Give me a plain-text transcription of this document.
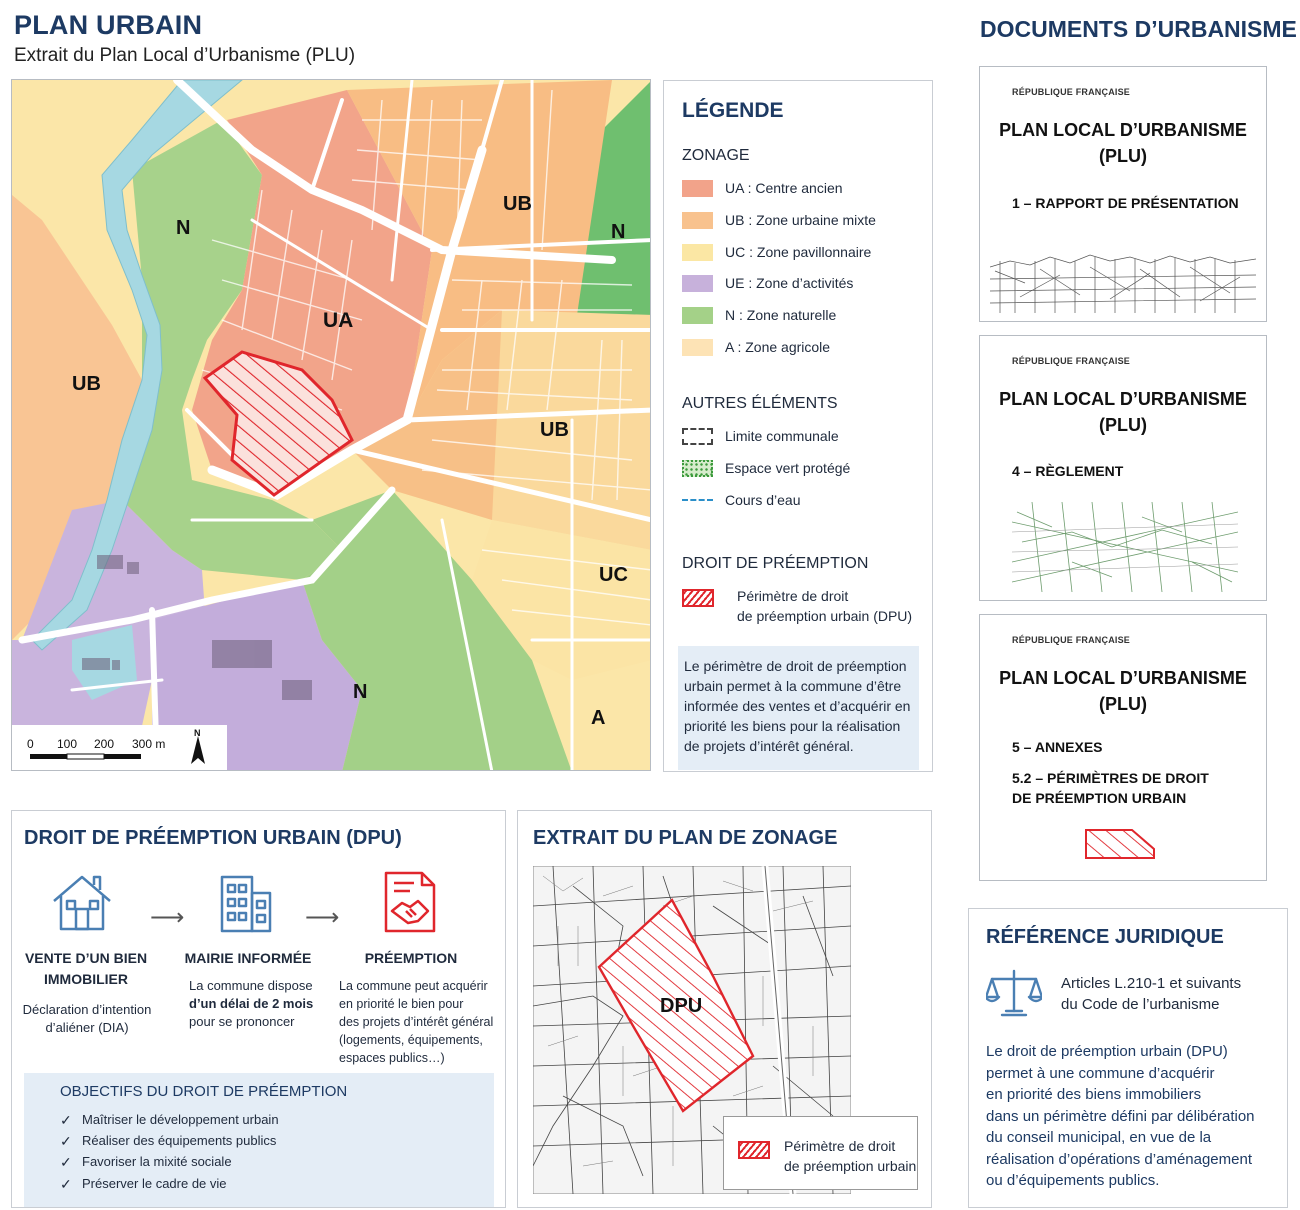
PLAN URBAIN
Extrait du Plan Local d’Urbanisme (PLU)
UB
N
UA
UB
N
UB
UC
N
A
0 100 200 300 m
N
LÉGENDE
ZONAGE
UA : Centre ancien
UB : Zone urbaine mixte
UC : Zone pavillonnaire
UE : Zone d’activités
N : Zone naturelle
A : Zone agricole
AUTRES ÉLÉMENTS
Limite communale
Espace vert protégé
Cours d’eau
DROIT DE PRÉEMPTION
Périmètre de droit
de préemption urbain (DPU)
Le périmètre de droit de préemption urbain permet à la commune d’être informée des ventes et d’acquérir en priorité les biens pour la réalisation de projets d’intérêt général.
DOCUMENTS D’URBANISME
RÉPUBLIQUE FRANÇAISE
PLAN LOCAL D’URBANISME
(PLU)
1 – RAPPORT DE PRÉSENTATION
RÉPUBLIQUE FRANÇAISE
PLAN LOCAL D’URBANISME
(PLU)
4 – RÈGLEMENT
RÉPUBLIQUE FRANÇAISE
PLAN LOCAL D’URBANISME
(PLU)
5 – ANNEXES
5.2 – PÉRIMÈTRES DE DROIT
DE PRÉEMPTION URBAIN
DROIT DE PRÉEMPTION URBAIN (DPU)
⟶	⟶
VENTE D’UN BIEN
IMMOBILIER
Déclaration d’intention
d’aliéner (DIA)
MAIRIE INFORMÉE
La commune dispose
d’un délai de 2 mois
pour se prononcer
PRÉEMPTION
La commune peut acquérir
en priorité le bien pour
des projets d’intérêt général
(logements, équipements,
espaces publics…)
OBJECTIFS DU DROIT DE PRÉEMPTION
✓ Maîtriser le développement urbain
✓ Réaliser des équipements publics
✓ Favoriser la mixité sociale
✓ Préserver le cadre de vie
EXTRAIT DU PLAN DE ZONAGE
DPU
Périmètre de droit
de préemption urbain
RÉFÉRENCE JURIDIQUE
Articles L.210-1 et suivants
du Code de l’urbanisme
Le droit de préemption urbain (DPU)
permet à une commune d’acquérir
en priorité des biens immobiliers
dans un périmètre défini par délibération
du conseil municipal, en vue de la
réalisation d’opérations d’aménagement
ou d’équipements publics.
